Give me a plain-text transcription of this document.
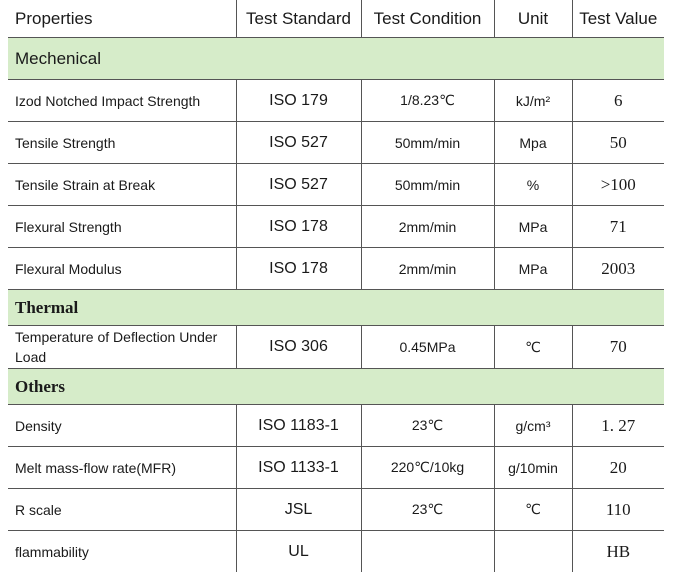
Properties	Test Standard	Test Condition	Unit	Test Value
Mechenical				
Izod Notched Impact Strength	ISO 179	1/8.23℃	kJ/m²	6
Tensile Strength	ISO 527	50mm/min	Mpa	50
Tensile Strain at Break	ISO 527	50mm/min	%	>100
Flexural Strength	ISO 178	2mm/min	MPa	71
Flexural Modulus	ISO 178	2mm/min	MPa	2003
Thermal				
Temperature of Deflection Under Load	ISO 306	0.45MPa	℃	70
Others				
Density	ISO 1183-1	23℃	g/cm³	1. 27
Melt mass-flow rate(MFR)	ISO 1133-1	220℃/10kg	g/10min	20
R scale	JSL	23℃	℃	110
flammability	UL			HB
